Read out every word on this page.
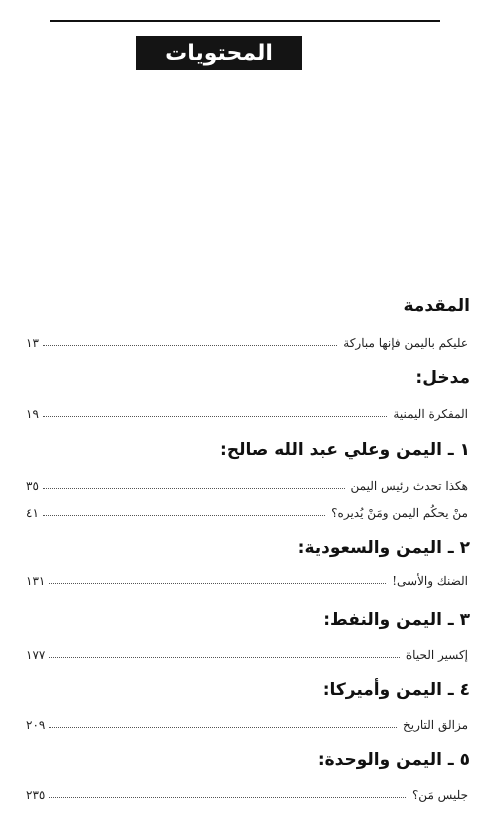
المحتويات
المقدمة
عليكم باليمن فإنها مباركة
١٣
مدخل:
المفكرة اليمنية
١٩
١ ـ اليمن وعلي عبد الله صالح:
هكذا تحدث رئيس اليمن
٣٥
منْ يحكُم اليمن ومَنْ يُديره؟
٤١
٢ ـ اليمن والسعودية:
الضنك والأسى!
١٣١
٣ ـ اليمن والنفط:
إكسير الحياة
١٧٧
٤ ـ اليمن وأميركا:
مزالق التاريخ
٢٠٩
٥ ـ اليمن والوحدة:
جليس مَن؟
٢٣٥
